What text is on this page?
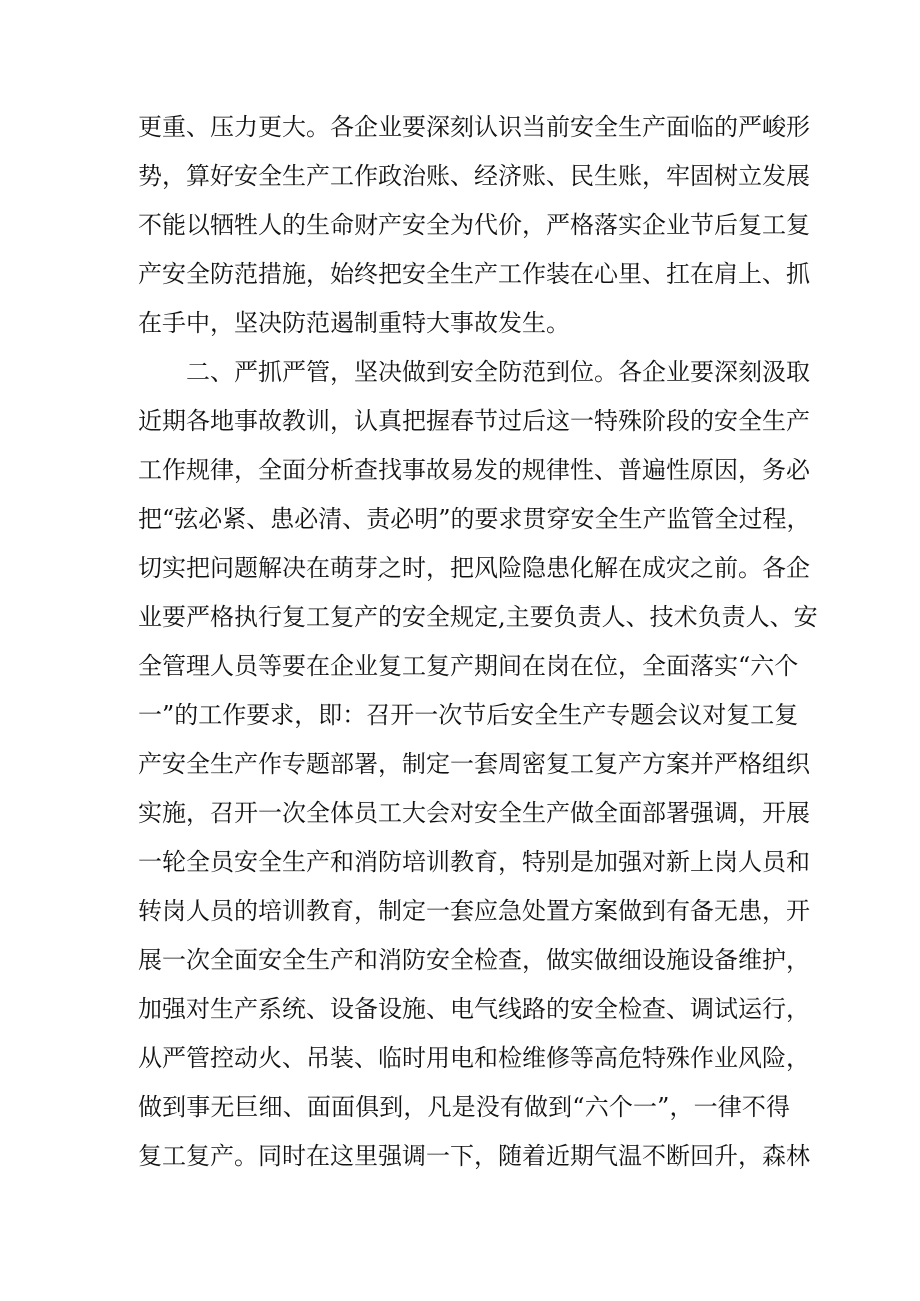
更重、压力更大。各企业要深刻认识当前安全生产面临的严峻形
势，算好安全生产工作政治账、经济账、民生账，牢固树立发展
不能以牺牲人的生命财产安全为代价，严格落实企业节后复工复
产安全防范措施，始终把安全生产工作装在心里、扛在肩上、抓
在手中，坚决防范遏制重特大事故发生。
二、严抓严管，坚决做到安全防范到位。各企业要深刻汲取
近期各地事故教训，认真把握春节过后这一特殊阶段的安全生产
工作规律，全面分析查找事故易发的规律性、普遍性原因，务必
把“弦必紧、患必清、责必明”的要求贯穿安全生产监管全过程，
切实把问题解决在萌芽之时，把风险隐患化解在成灾之前。各企
业要严格执行复工复产的安全规定,主要负责人、技术负责人、安
全管理人员等要在企业复工复产期间在岗在位，全面落实“六个
一”的工作要求，即：召开一次节后安全生产专题会议对复工复
产安全生产作专题部署，制定一套周密复工复产方案并严格组织
实施，召开一次全体员工大会对安全生产做全面部署强调，开展
一轮全员安全生产和消防培训教育，特别是加强对新上岗人员和
转岗人员的培训教育，制定一套应急处置方案做到有备无患，开
展一次全面安全生产和消防安全检查，做实做细设施设备维护，
加强对生产系统、设备设施、电气线路的安全检查、调试运行，
从严管控动火、吊装、临时用电和检维修等高危特殊作业风险，
做到事无巨细、面面俱到，凡是没有做到“六个一”，一律不得
复工复产。同时在这里强调一下，随着近期气温不断回升，森林
